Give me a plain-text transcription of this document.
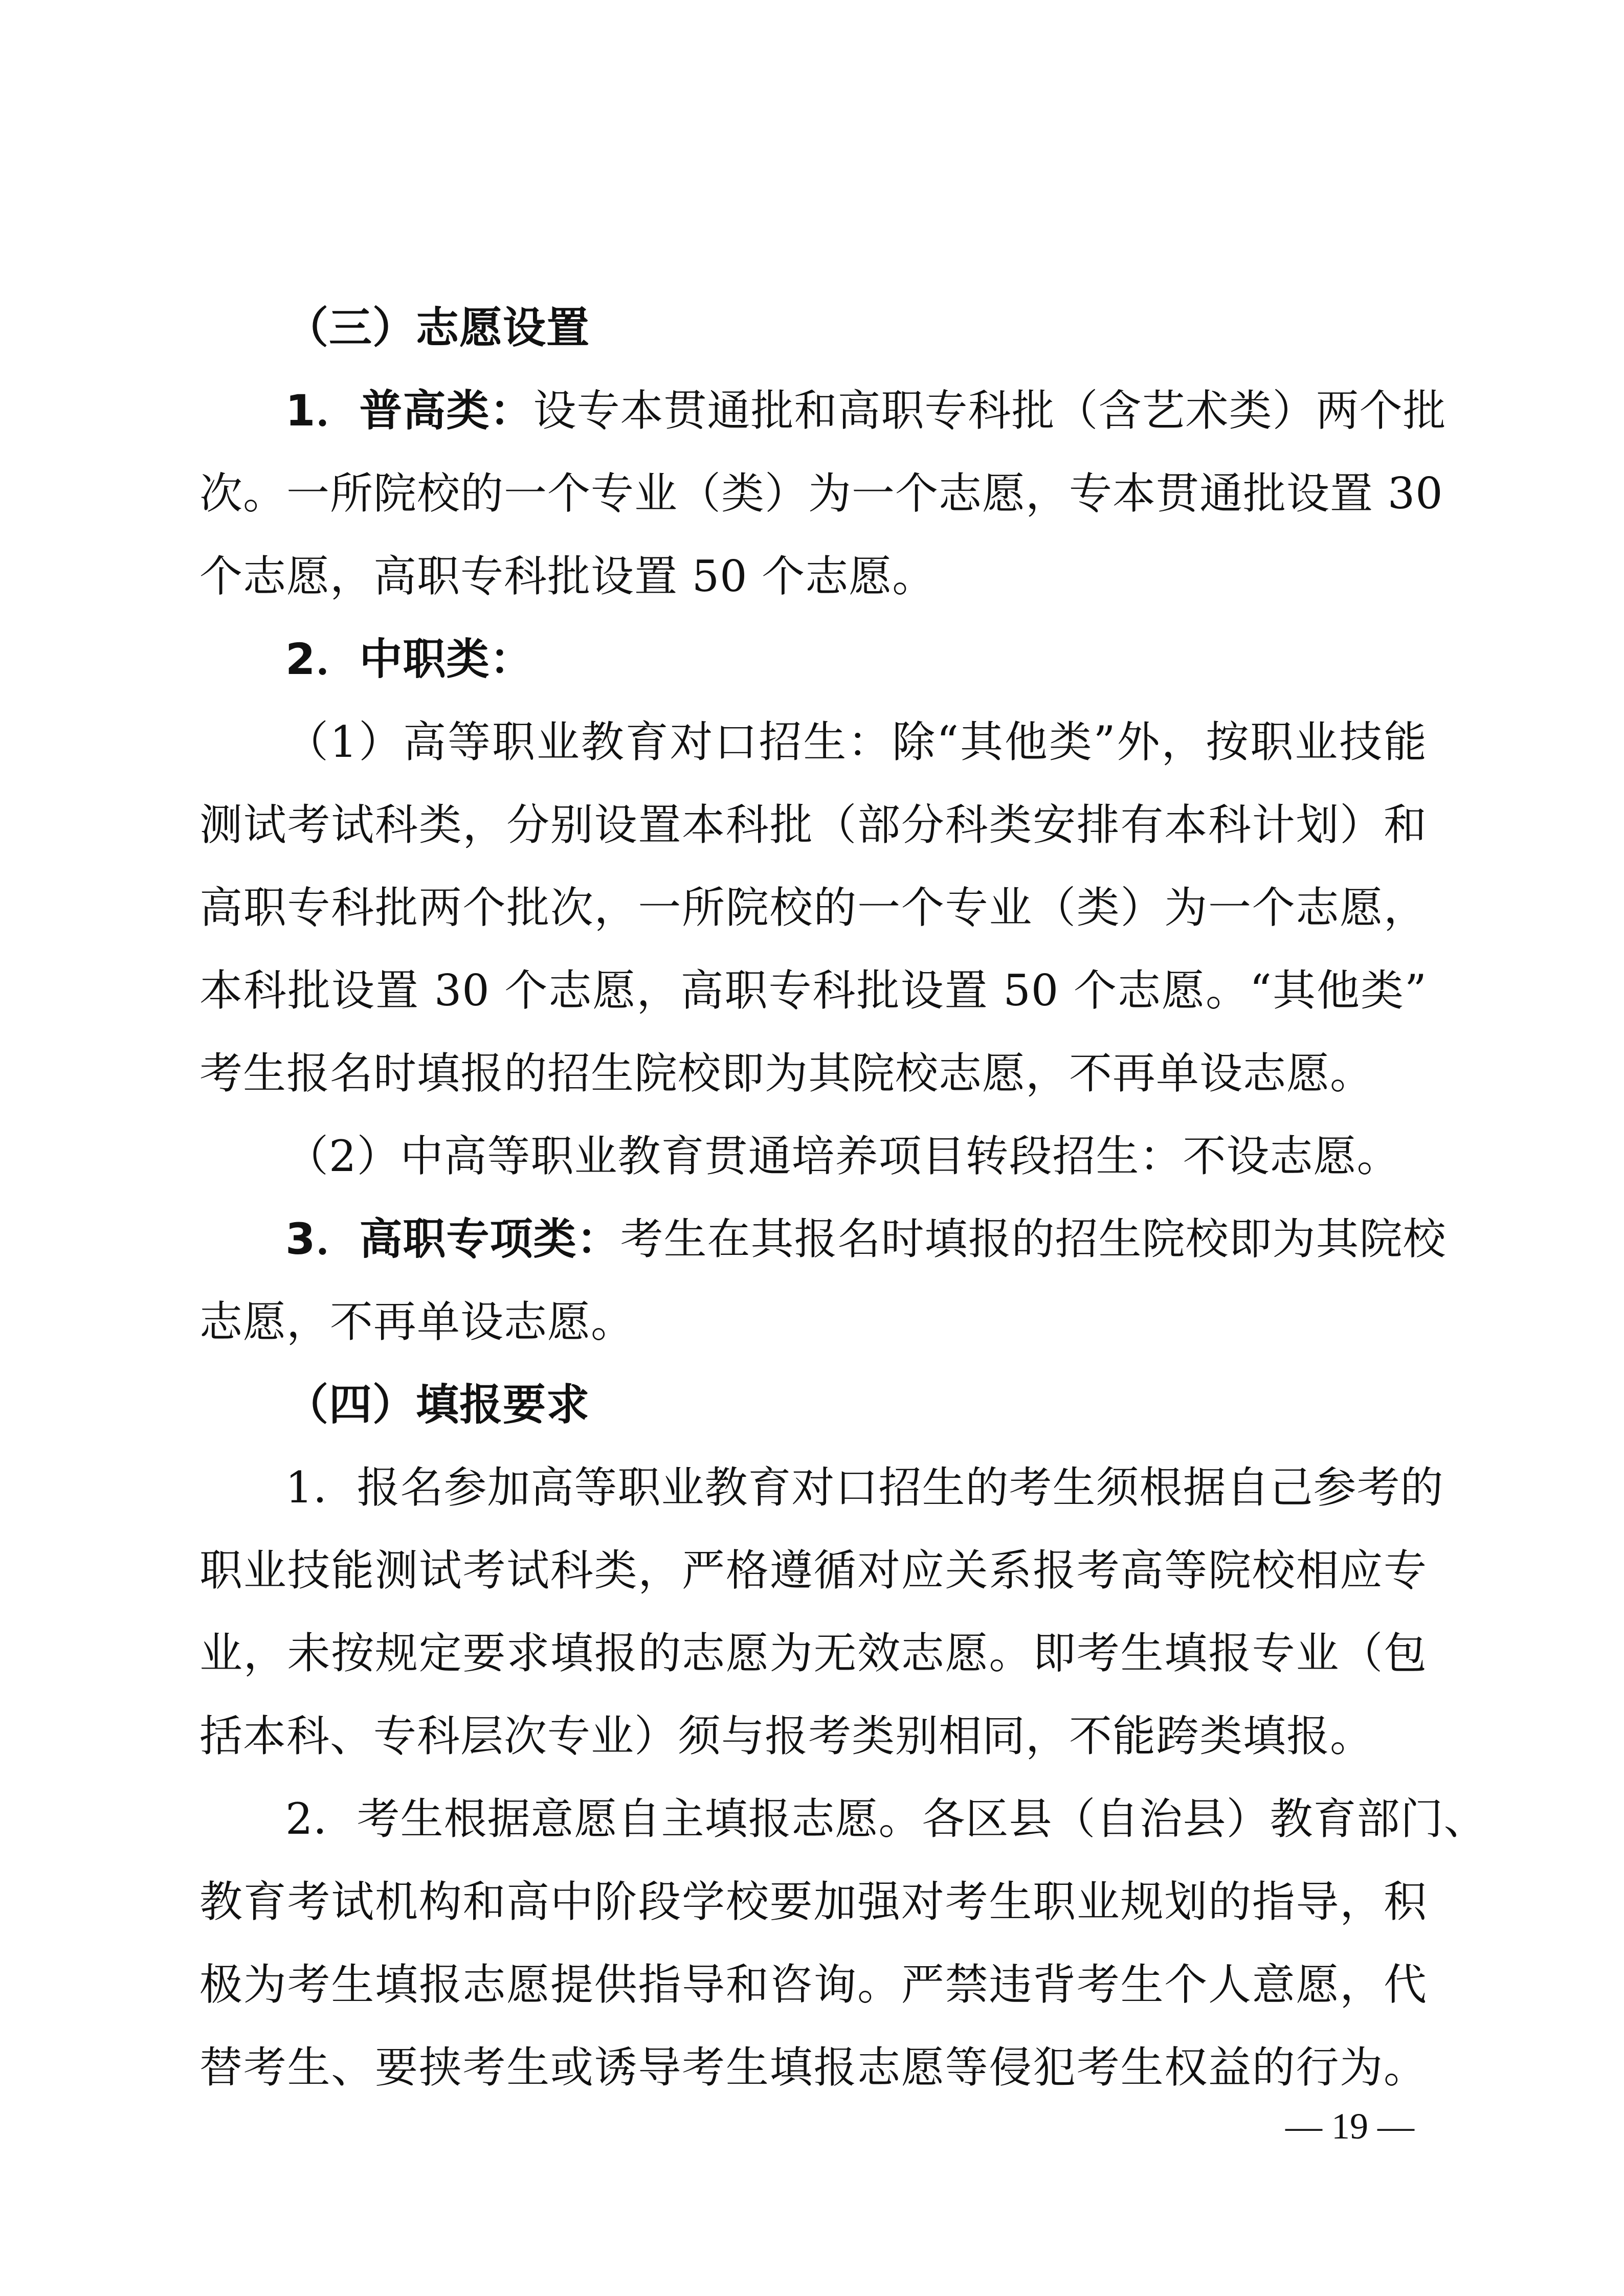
（三）志愿设置
1．普高类：设专本贯通批和高职专科批（含艺术类）两个批
次。一所院校的一个专业（类）为一个志愿，专本贯通批设置 30
个志愿，高职专科批设置 50 个志愿。
2．中职类：
（1）高等职业教育对口招生：除“其他类”外，按职业技能
测试考试科类，分别设置本科批（部分科类安排有本科计划）和
高职专科批两个批次，一所院校的一个专业（类）为一个志愿，
本科批设置 30 个志愿，高职专科批设置 50 个志愿。“其他类”
考生报名时填报的招生院校即为其院校志愿，不再单设志愿。
（2）中高等职业教育贯通培养项目转段招生：不设志愿。
3．高职专项类：考生在其报名时填报的招生院校即为其院校
志愿，不再单设志愿。
（四）填报要求
1．报名参加高等职业教育对口招生的考生须根据自己参考的
职业技能测试考试科类，严格遵循对应关系报考高等院校相应专
业，未按规定要求填报的志愿为无效志愿。即考生填报专业（包
括本科、专科层次专业）须与报考类别相同，不能跨类填报。
2．考生根据意愿自主填报志愿。各区县（自治县）教育部门、
教育考试机构和高中阶段学校要加强对考生职业规划的指导，积
极为考生填报志愿提供指导和咨询。严禁违背考生个人意愿，代
替考生、要挟考生或诱导考生填报志愿等侵犯考生权益的行为。
— 19 —
